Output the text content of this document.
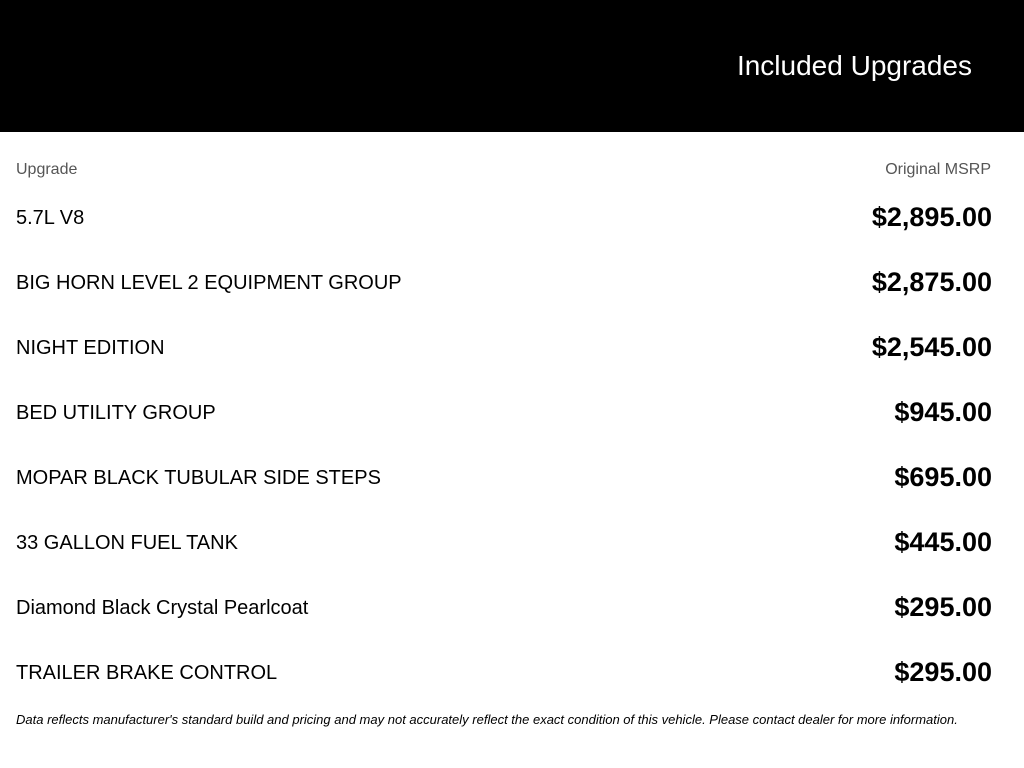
Included Upgrades
Upgrade	Original MSRP
5.7L V8	$2,895.00
BIG HORN LEVEL 2 EQUIPMENT GROUP	$2,875.00
NIGHT EDITION	$2,545.00
BED UTILITY GROUP	$945.00
MOPAR BLACK TUBULAR SIDE STEPS	$695.00
33 GALLON FUEL TANK	$445.00
Diamond Black Crystal Pearlcoat	$295.00
TRAILER BRAKE CONTROL	$295.00
Data reflects manufacturer's standard build and pricing and may not accurately reflect the exact condition of this vehicle. Please contact dealer for more information.
